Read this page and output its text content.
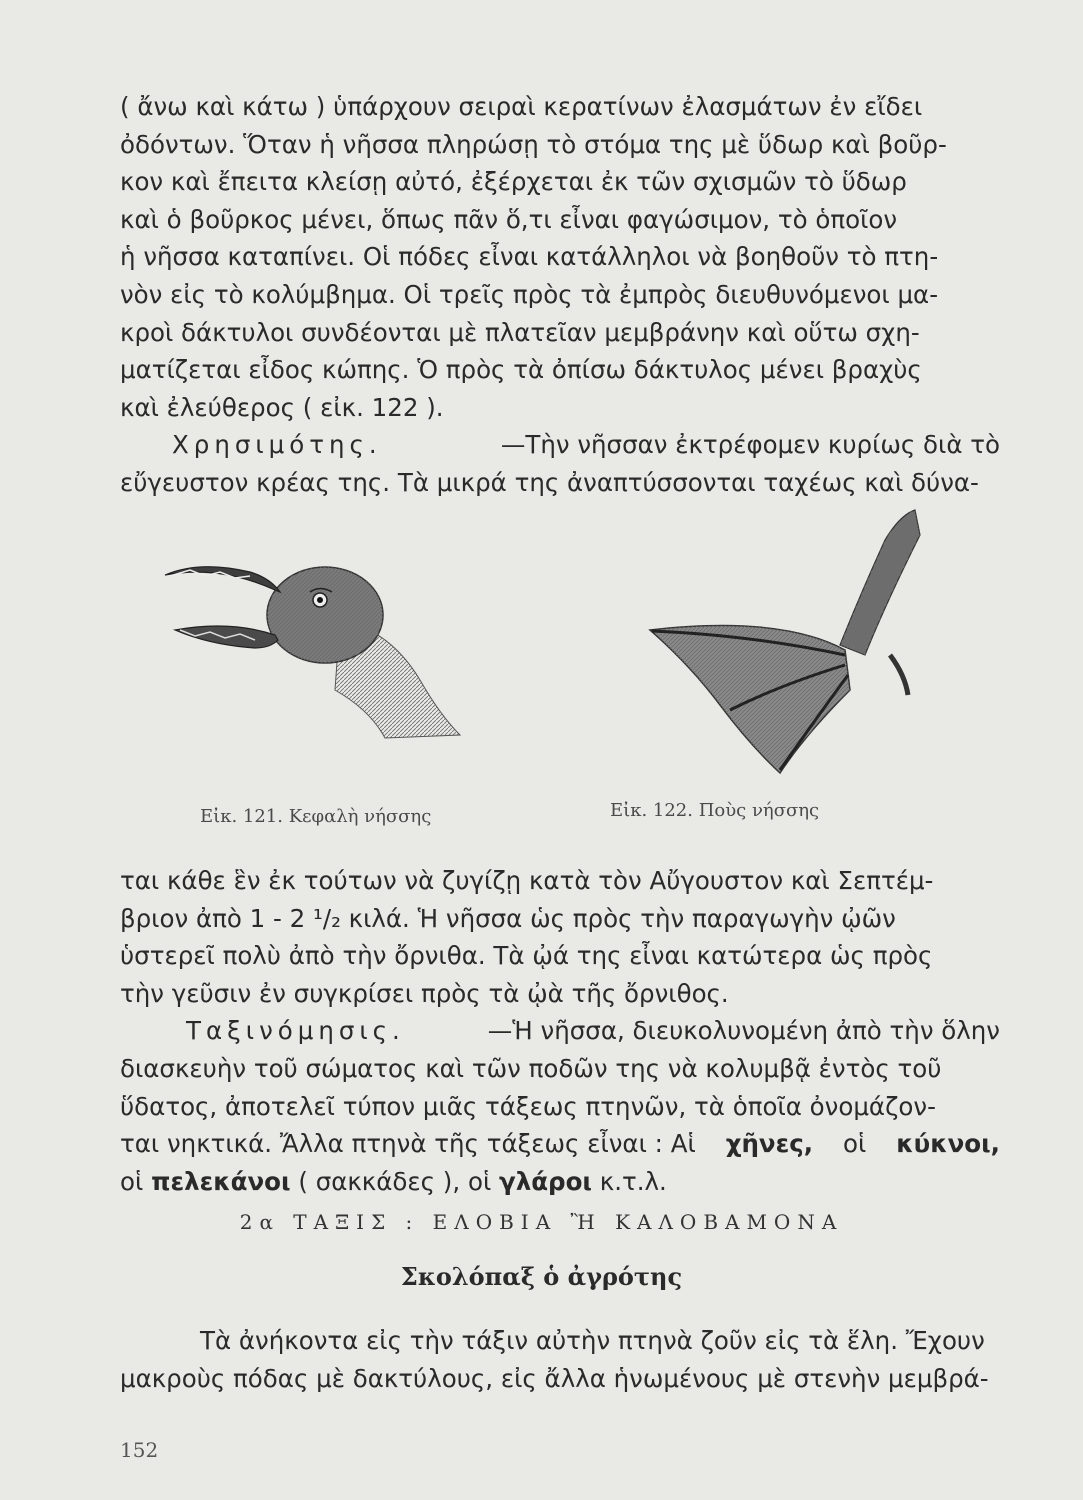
( ἄνω καὶ κάτω ) ὑπάρχουν σειραὶ κερατίνων ἐλασμάτων ἐν εἴδει
ὀδόντων. Ὅταν ἡ νῆσσα πληρώσῃ τὸ στόμα της μὲ ὕδωρ καὶ βοῦρ-
κον καὶ ἔπειτα κλείσῃ αὐτό, ἐξέρχεται ἐκ τῶν σχισμῶν τὸ ὕδωρ
καὶ ὁ βοῦρκος μένει, ὅπως πᾶν ὅ,τι εἶναι φαγώσιμον, τὸ ὁποῖον
ἡ νῆσσα καταπίνει. Οἱ πόδες εἶναι κατάλληλοι νὰ βοηθοῦν τὸ πτη-
νὸν εἰς τὸ κολύμβημα. Οἱ τρεῖς πρὸς τὰ ἐμπρὸς διευθυνόμενοι μα-
κροὶ δάκτυλοι συνδέονται μὲ πλατεῖαν μεμβράνην καὶ οὕτω σχη-
ματίζεται εἶδος κώπης. Ὁ πρὸς τὰ ὀπίσω δάκτυλος μένει βραχὺς
καὶ ἐλεύθερος ( εἰκ. 122 ).
Χρησιμότης.	—Τὴν νῆσσαν ἐκτρέφομεν κυρίως διὰ τὸ
εὔγευστον κρέας της. Τὰ μικρά της ἀναπτύσσονται ταχέως καὶ δύνα-
Εἰκ. 121. Κεφαλὴ νήσσης	Εἰκ. 122. Ποὺς νήσσης
ται κάθε ἓν ἐκ τούτων νὰ ζυγίζῃ κατὰ τὸν Αὔγουστον καὶ Σεπτέμ-
βριον ἀπὸ 1 - 2 ¹/₂ κιλά. Ἡ νῆσσα ὡς πρὸς τὴν παραγωγὴν ᾠῶν
ὑστερεῖ πολὺ ἀπὸ τὴν ὄρνιθα. Τὰ ᾠά της εἶναι κατώτερα ὡς πρὸς
τὴν γεῦσιν ἐν συγκρίσει πρὸς τὰ ᾠὰ τῆς ὄρνιθος.
Ταξινόμησις.	—Ἡ νῆσσα, διευκολυνομένη ἀπὸ τὴν ὅλην
διασκευὴν τοῦ σώματος καὶ τῶν ποδῶν της νὰ κολυμβᾷ ἐντὸς τοῦ
ὕδατος, ἀποτελεῖ τύπον μιᾶς τάξεως πτηνῶν, τὰ ὁποῖα ὀνομάζον-
ται νηκτικά. Ἄλλα πτηνὰ τῆς τάξεως εἶναι : Αἱ χῆνες, οἱ κύκνοι,
οἱ
πελεκάνοι
( σακκάδες ),
οἱ
γλάροι
κ.τ.λ.
2α ΤΑΞΙΣ : ΕΛΟΒΙΑ Ἢ ΚΑΛΟΒΑΜΟΝΑ
Σκολόπαξ ὁ ἀγρότης
Τὰ ἀνήκοντα εἰς τὴν τάξιν αὐτὴν πτηνὰ ζοῦν εἰς τὰ ἕλη. Ἔχουν
μακροὺς πόδας μὲ δακτύλους, εἰς ἄλλα ἡνωμένους μὲ στενὴν μεμβρά-
152
